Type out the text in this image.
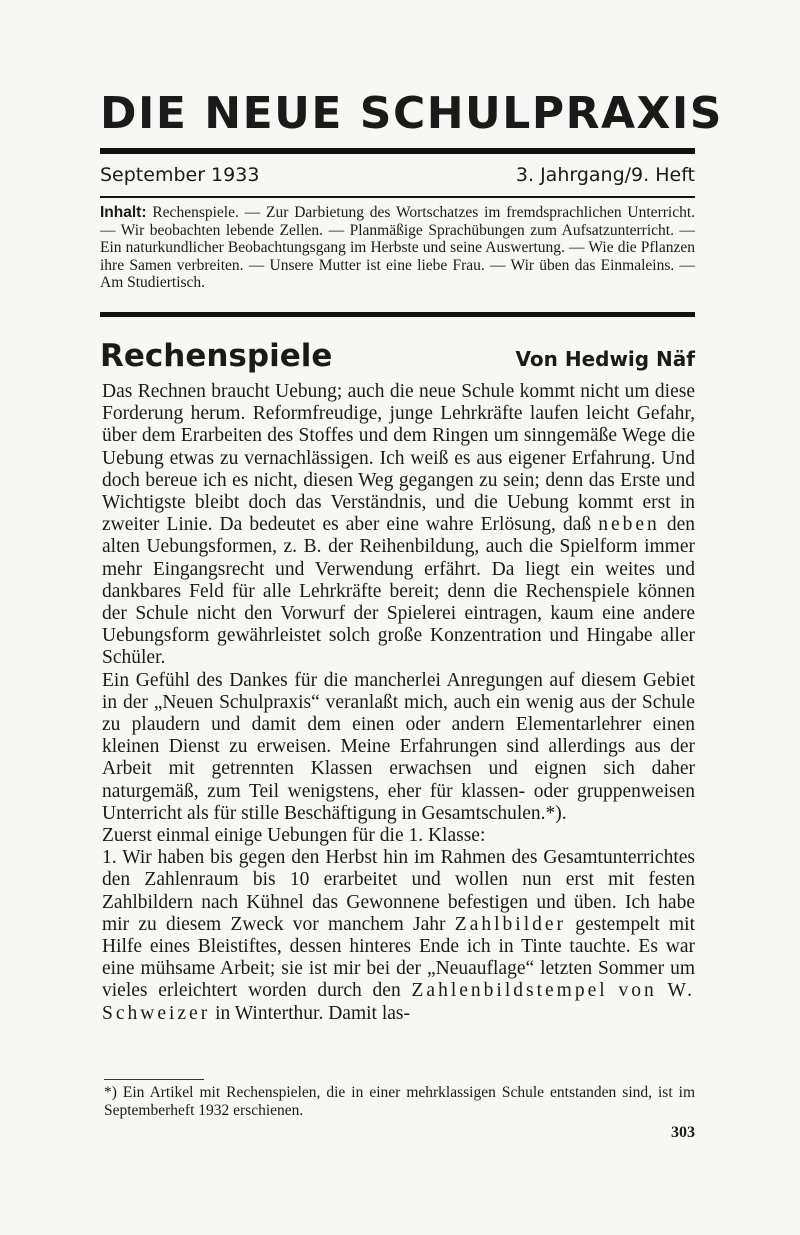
DIE NEUE SCHULPRAXIS
September 1933	3. Jahrgang/9. Heft
Inhalt: Rechenspiele. — Zur Darbietung des Wortschatzes im fremdsprachlichen Unterricht. — Wir beobachten lebende Zellen. — Planmäßige Sprachübungen zum Aufsatzunterricht. — Ein naturkundlicher Beobachtungsgang im Herbste und seine Auswertung. — Wie die Pflanzen ihre Samen verbreiten. — Unsere Mutter ist eine liebe Frau. — Wir üben das Einmaleins. — Am Studiertisch.
Rechenspiele	Von Hedwig Näf

Das Rechnen braucht Uebung; auch die neue Schule kommt nicht um diese Forderung herum. Reformfreudige, junge Lehrkräfte laufen leicht Gefahr, über dem Erarbeiten des Stoffes und dem Ringen um sinngemäße Wege die Uebung etwas zu vernachlässigen. Ich weiß es aus eigener Erfahrung. Und doch bereue ich es nicht, diesen Weg gegangen zu sein; denn das Erste und Wichtigste bleibt doch das Verständnis, und die Uebung kommt erst in zweiter Linie. Da bedeutet es aber eine wahre Erlösung, daß neben den alten Uebungsformen, z. B. der Reihenbildung, auch die Spielform immer mehr Eingangsrecht und Verwendung erfährt. Da liegt ein weites und dankbares Feld für alle Lehrkräfte bereit; denn die Rechenspiele können der Schule nicht den Vorwurf der Spielerei eintragen, kaum eine andere Uebungsform gewährleistet solch große Konzentration und Hingabe aller Schüler.

Ein Gefühl des Dankes für die mancherlei Anregungen auf diesem Gebiet in der „Neuen Schulpraxis“ veranlaßt mich, auch ein wenig aus der Schule zu plaudern und damit dem einen oder andern Elementarlehrer einen kleinen Dienst zu erweisen. Meine Erfahrungen sind allerdings aus der Arbeit mit getrennten Klassen erwachsen und eignen sich daher naturgemäß, zum Teil wenigstens, eher für klassen- oder gruppenweisen Unterricht als für stille Beschäftigung in Gesamtschulen.*).

Zuerst einmal einige Uebungen für die 1. Klasse:

1. Wir haben bis gegen den Herbst hin im Rahmen des Gesamtunterrichtes den Zahlenraum bis 10 erarbeitet und wollen nun erst mit festen Zahlbildern nach Kühnel das Gewonnene befestigen und üben. Ich habe mir zu diesem Zweck vor manchem Jahr Zahlbilder gestempelt mit Hilfe eines Bleistiftes, dessen hinteres Ende ich in Tinte tauchte. Es war eine mühsame Arbeit; sie ist mir bei der „Neuauflage“ letzten Sommer um vieles erleichtert worden durch den Zahlenbildstempel von W. Schweizer in Winterthur. Damit las-

*) Ein Artikel mit Rechenspielen, die in einer mehrklassigen Schule entstanden sind, ist im Septemberheft 1932 erschienen.
303
